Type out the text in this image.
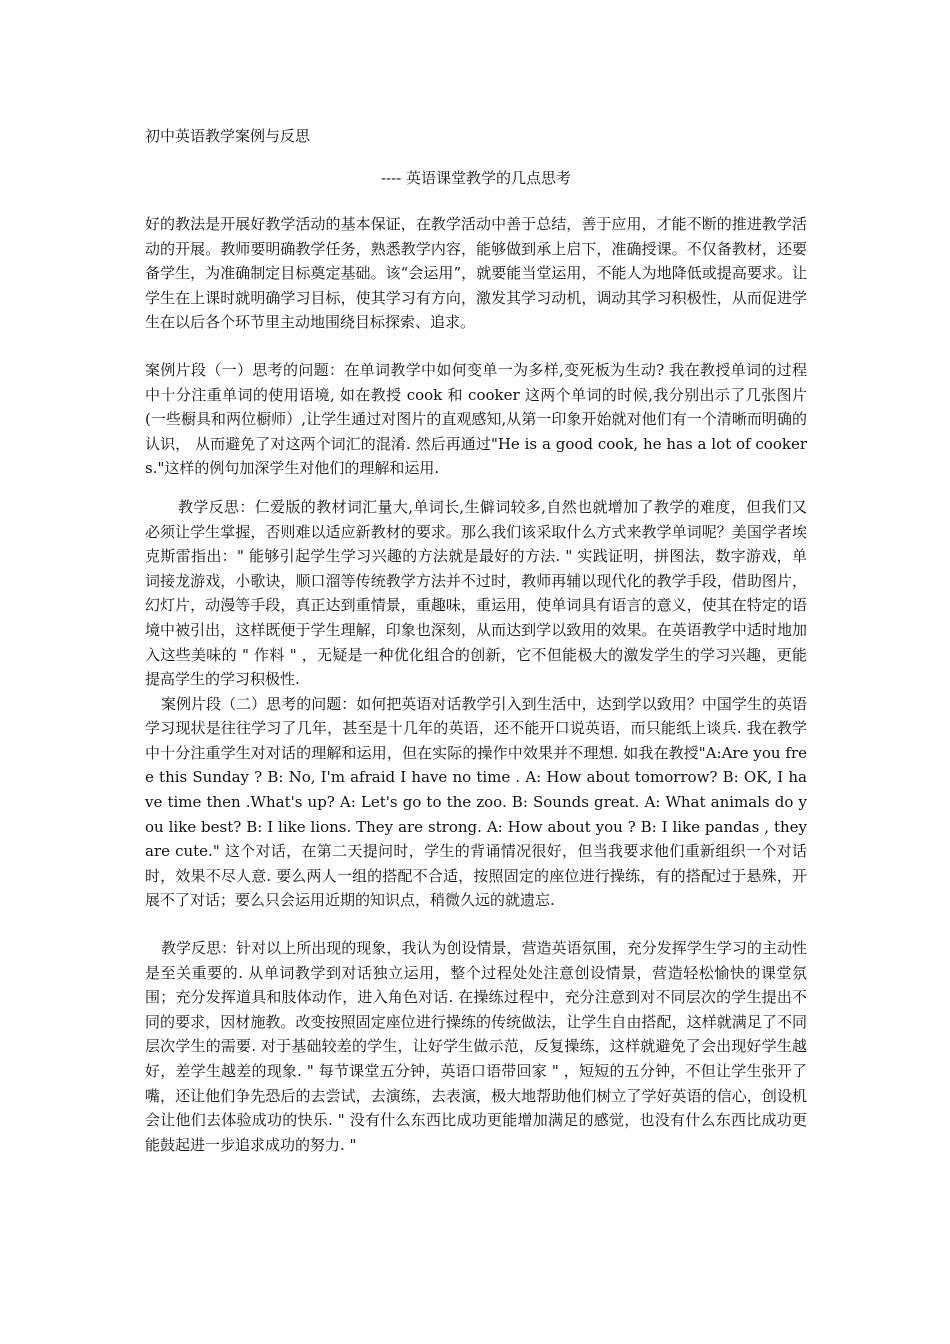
初中英语教学案例与反思
---- 英语课堂教学的几点思考

好的教法是开展好教学活动的基本保证，在教学活动中善于总结，善于应用，才能不断的推进教学活动的开展。教师要明确教学任务，熟悉教学内容，能够做到承上启下，准确授课。不仅备教材，还要备学生，为准确制定目标奠定基础。该“会运用”，就要能当堂运用，不能人为地降低或提高要求。让学生在上课时就明确学习目标，使其学习有方向，激发其学习动机，调动其学习积极性，从而促进学生在以后各个环节里主动地围绕目标探索、追求。

案例片段（一）思考的问题：在单词教学中如何变单一为多样,变死板为生动? 我在教授单词的过程中十分注重单词的使用语境, 如在教授 cook 和 cooker 这两个单词的时候,我分别出示了几张图片(一些橱具和两位橱师）,让学生通过对图片的直观感知,从第一印象开始就对他们有一个清晰而明确的认识， 从而避免了对这两个词汇的混淆. 然后再通过"He is a good cook, he has a lot of cookers."这样的例句加深学生对他们的理解和运用.

教学反思：仁爱版的教材词汇量大,单词长,生僻词较多,自然也就增加了教学的难度，但我们又必须让学生掌握，否则难以适应新教材的要求。那么我们该采取什么方式来教学单词呢？美国学者埃克斯雷指出：" 能够引起学生学习兴趣的方法就是最好的方法. " 实践证明，拼图法，数字游戏，单词接龙游戏，小歌诀，顺口溜等传统教学方法并不过时，教师再辅以现代化的教学手段，借助图片，幻灯片，动漫等手段，真正达到重情景，重趣味，重运用，使单词具有语言的意义，使其在特定的语境中被引出，这样既便于学生理解，印象也深刻，从而达到学以致用的效果。在英语教学中适时地加入这些美味的 " 作料 " ，无疑是一种优化组合的创新，它不但能极大的激发学生的学习兴趣，更能提高学生的学习积极性.

案例片段（二）思考的问题：如何把英语对话教学引入到生活中，达到学以致用？中国学生的英语学习现状是往往学习了几年，甚至是十几年的英语，还不能开口说英语，而只能纸上谈兵. 我在教学中十分注重学生对对话的理解和运用，但在实际的操作中效果并不理想. 如我在教授"A:Are you free this Sunday ? B: No, I'm afraid I have no time . A: How about tomorrow? B: OK, I have time then .What's up? A: Let's go to the zoo. B: Sounds great. A: What animals do you like best? B: I like lions. They are strong. A: How about you ? B: I like pandas , they are cute." 这个对话，在第二天提问时，学生的背诵情况很好，但当我要求他们重新组织一个对话时，效果不尽人意. 要么两人一组的搭配不合适，按照固定的座位进行操练，有的搭配过于悬殊，开展不了对话；要么只会运用近期的知识点，稍微久远的就遗忘.

教学反思：针对以上所出现的现象，我认为创设情景，营造英语氛围，充分发挥学生学习的主动性是至关重要的. 从单词教学到对话独立运用，整个过程处处注意创设情景，营造轻松愉快的课堂氛围；充分发挥道具和肢体动作，进入角色对话. 在操练过程中，充分注意到对不同层次的学生提出不同的要求，因材施教。改变按照固定座位进行操练的传统做法，让学生自由搭配，这样就满足了不同层次学生的需要. 对于基础较差的学生，让好学生做示范，反复操练，这样就避免了会出现好学生越好，差学生越差的现象. " 每节课堂五分钟，英语口语带回家 " ，短短的五分钟，不但让学生张开了嘴，还让他们争先恐后的去尝试，去演练，去表演，极大地帮助他们树立了学好英语的信心，创设机会让他们去体验成功的快乐. " 没有什么东西比成功更能增加满足的感觉，也没有什么东西比成功更能鼓起进一步追求成功的努力. "
